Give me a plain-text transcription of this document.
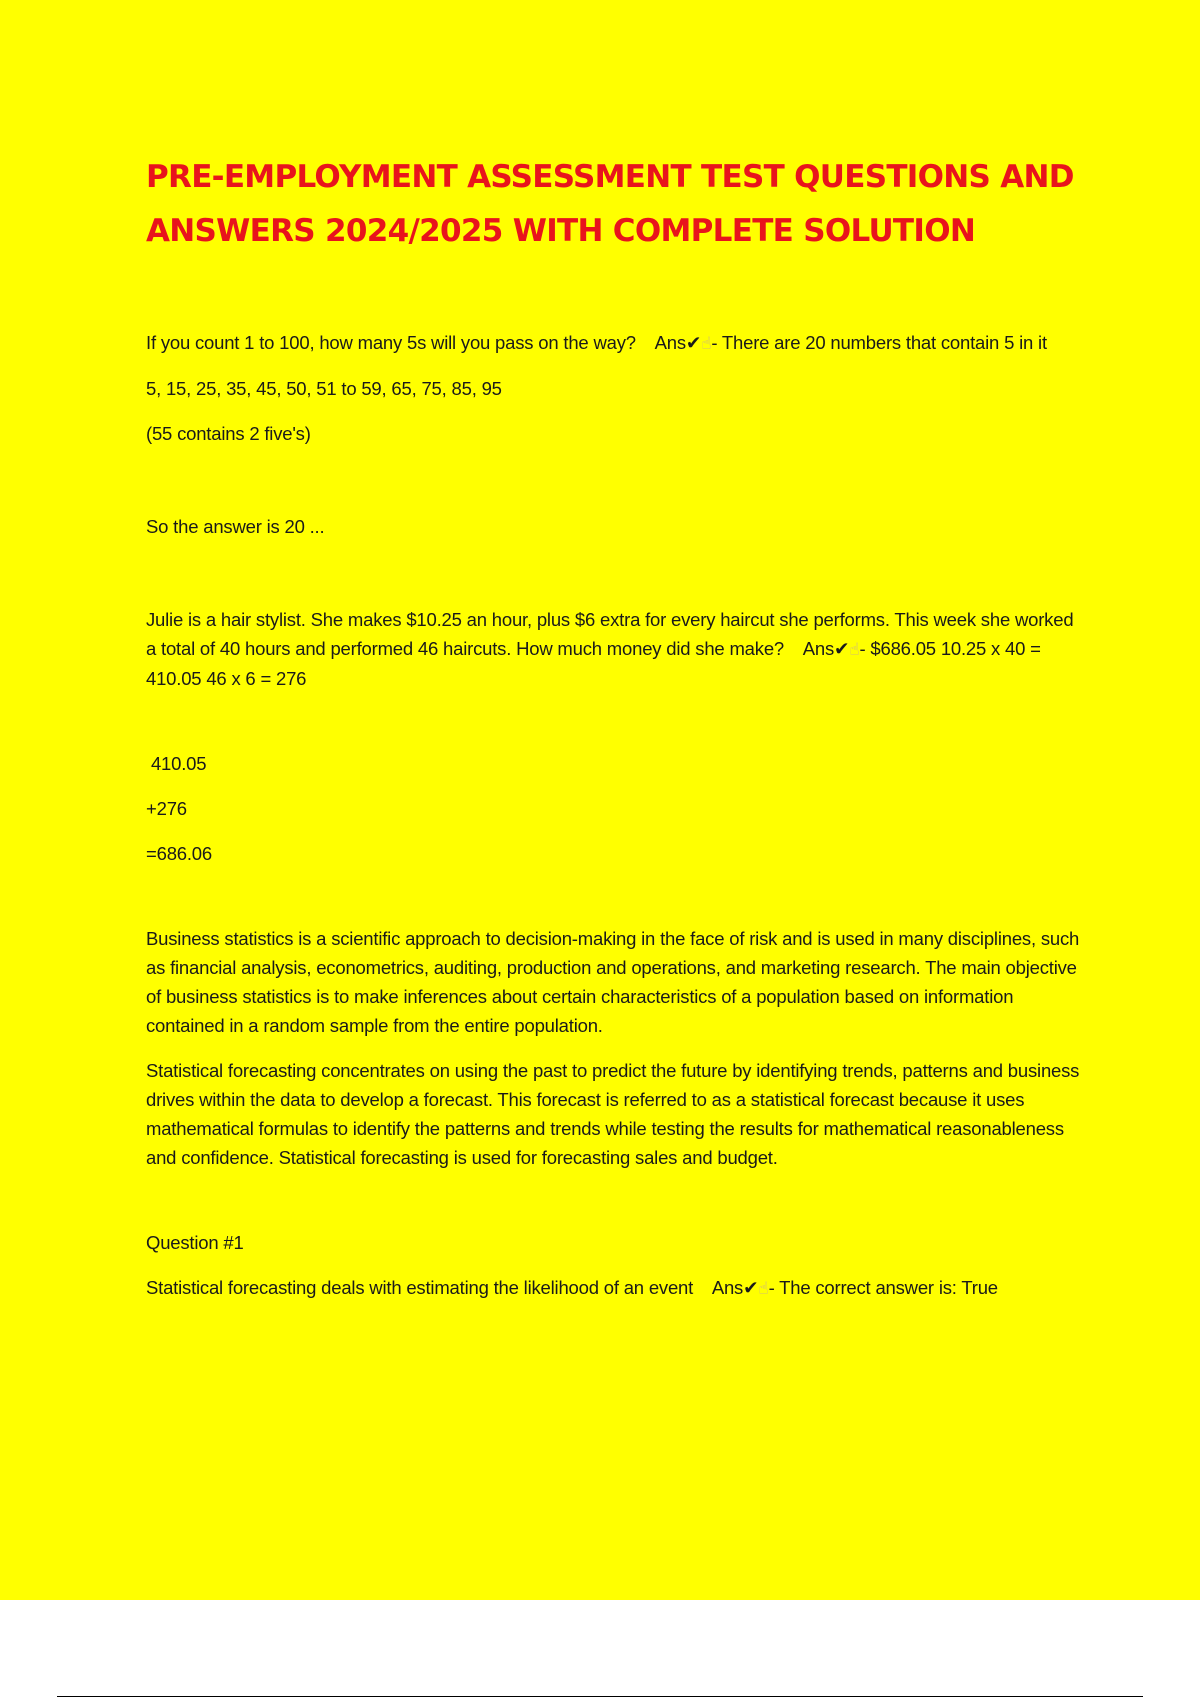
PRE-EMPLOYMENT ASSESSMENT TEST QUESTIONS AND
ANSWERS 2024/2025 WITH COMPLETE SOLUTION

If you count 1 to 100, how many 5s will you pass on the way? Ans✔☝- There are 20 numbers that contain 5 in it

5, 15, 25, 35, 45, 50, 51 to 59, 65, 75, 85, 95

(55 contains 2 five's)

So the answer is 20 ...

Julie is a hair stylist. She makes $10.25 an hour, plus $6 extra for every haircut she performs. This week she worked a total of 40 hours and performed 46 haircuts. How much money did she make? Ans✔☝- $686.05 10.25 x 40 = 410.05 46 x 6 = 276

410.05

+276

=686.06

Business statistics is a scientific approach to decision-making in the face of risk and is used in many disciplines, such as financial analysis, econometrics, auditing, production and operations, and marketing research. The main objective of business statistics is to make inferences about certain characteristics of a population based on information contained in a random sample from the entire population.

Statistical forecasting concentrates on using the past to predict the future by identifying trends, patterns and business drives within the data to develop a forecast. This forecast is referred to as a statistical forecast because it uses mathematical formulas to identify the patterns and trends while testing the results for mathematical reasonableness and confidence. Statistical forecasting is used for forecasting sales and budget.

Question #1

Statistical forecasting deals with estimating the likelihood of an event Ans✔☝- The correct answer is: True
